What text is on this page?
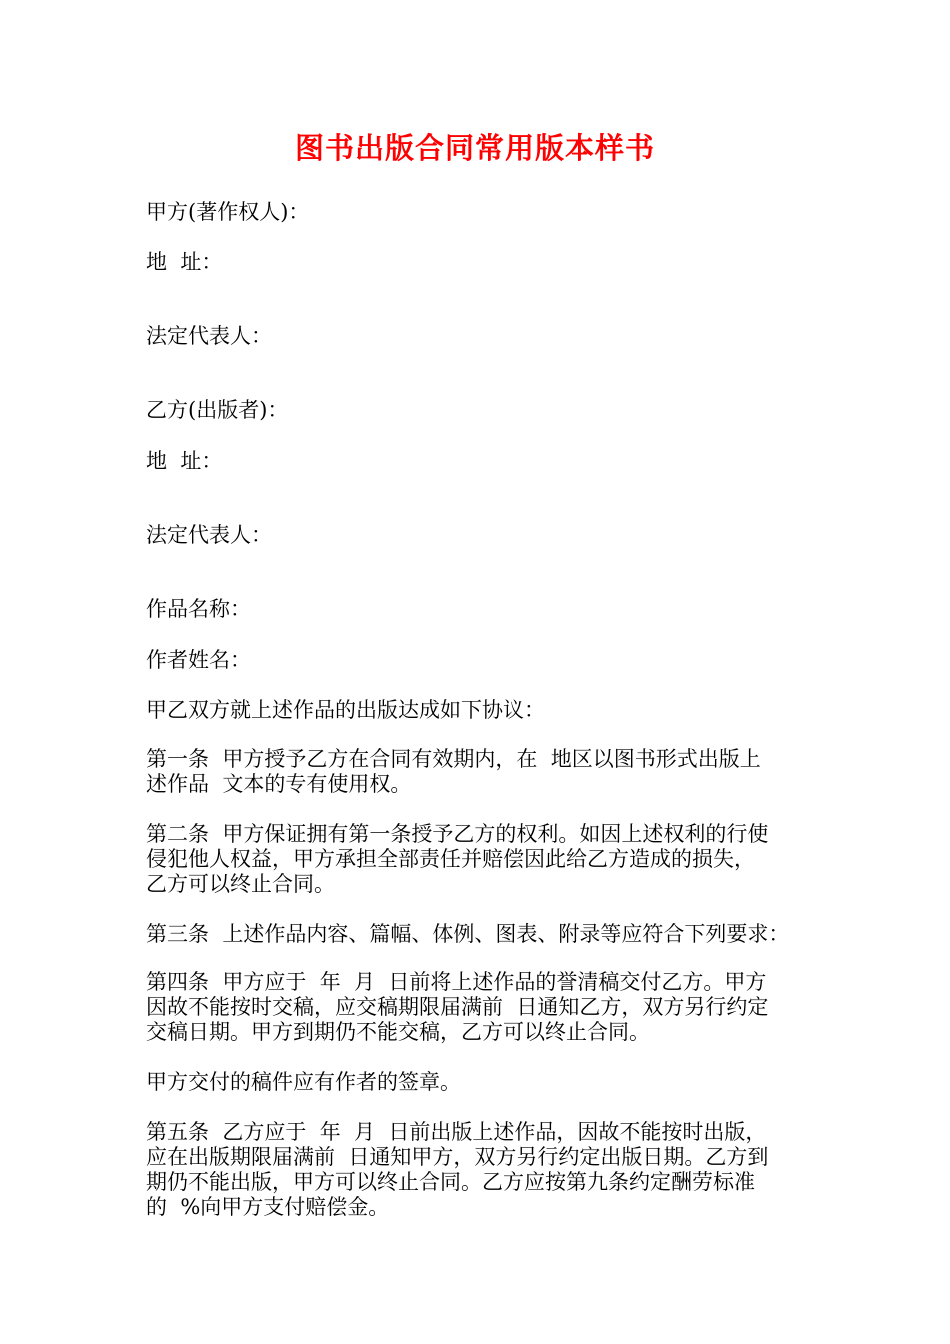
图书出版合同常用版本样书

甲方(著作权人)：

地  址：

法定代表人：

乙方(出版者)：

地  址：

法定代表人：

作品名称：

作者姓名：

甲乙双方就上述作品的出版达成如下协议：

第一条  甲方授予乙方在合同有效期内，在  地区以图书形式出版上

述作品  文本的专有使用权。

第二条  甲方保证拥有第一条授予乙方的权利。如因上述权利的行使

侵犯他人权益，甲方承担全部责任并赔偿因此给乙方造成的损失，

乙方可以终止合同。

第三条  上述作品内容、篇幅、体例、图表、附录等应符合下列要求：

第四条  甲方应于  年  月  日前将上述作品的誉清稿交付乙方。甲方

因故不能按时交稿，应交稿期限届满前  日通知乙方，双方另行约定

交稿日期。甲方到期仍不能交稿，乙方可以终止合同。

甲方交付的稿件应有作者的签章。

第五条  乙方应于  年  月  日前出版上述作品，因故不能按时出版，

应在出版期限届满前  日通知甲方，双方另行约定出版日期。乙方到

期仍不能出版，甲方可以终止合同。乙方应按第九条约定酬劳标准

的  %向甲方支付赔偿金。
